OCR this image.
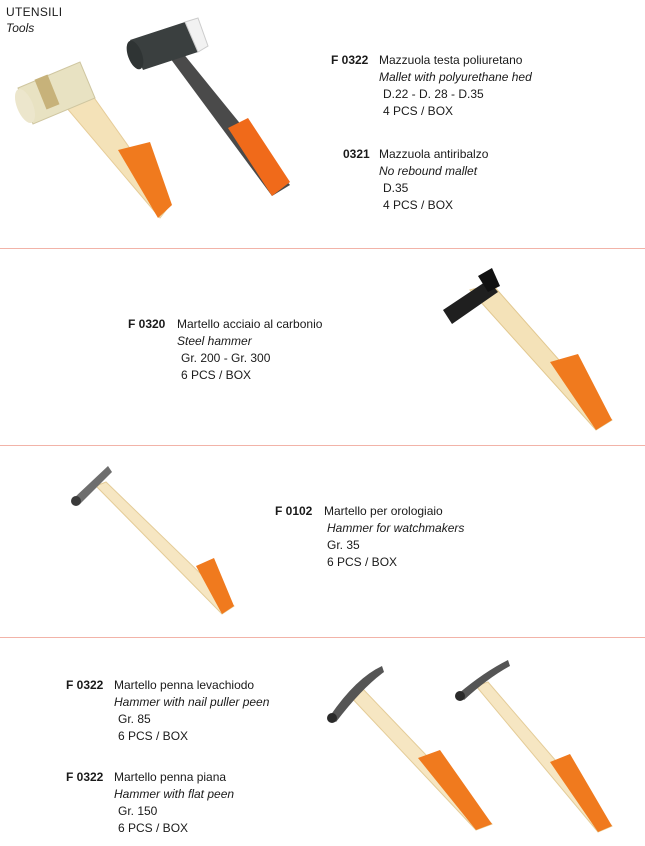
UTENSILI
Tools
F 0322 Mazzuola testa poliuretano
Mallet with polyurethane hed
D.22 - D. 28 - D.35
4 PCS / BOX
0321 Mazzuola antiribalzo
No rebound mallet
D.35
4 PCS / BOX
F 0320 Martello acciaio al carbonio
Steel hammer
Gr. 200 - Gr. 300
6 PCS / BOX
F 0102 Martello per orologiaio
Hammer for watchmakers
Gr. 35
6 PCS / BOX
F 0322 Martello penna levachiodo
Hammer with nail puller peen
Gr. 85
6 PCS / BOX
F 0322 Martello penna piana
Hammer with flat peen
Gr. 150
6 PCS / BOX
